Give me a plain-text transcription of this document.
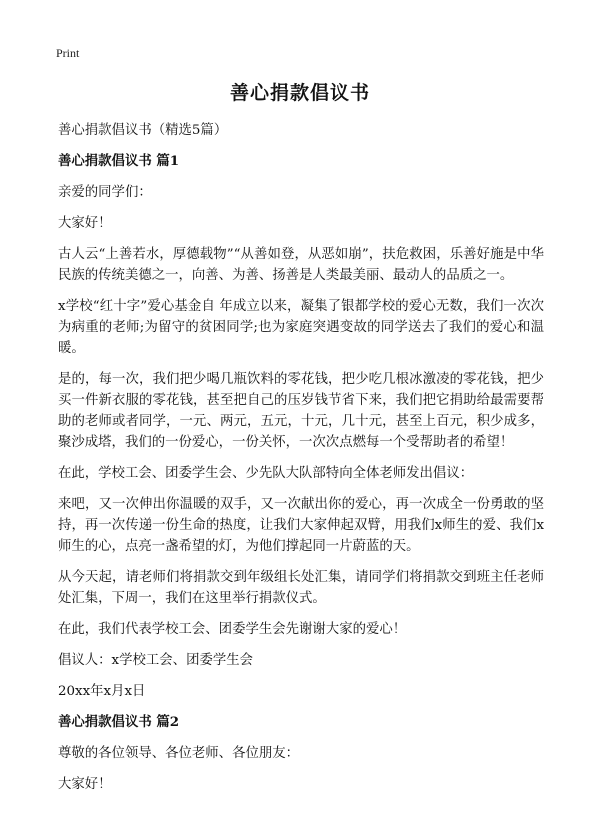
Print
善心捐款倡议书

善心捐款倡议书（精选5篇）

善心捐款倡议书 篇1

亲爱的同学们：

大家好！

古人云“上善若水，厚德载物”“从善如登，从恶如崩”，扶危救困，乐善好施是中华民族的传统美德之一，向善、为善、扬善是人类最美丽、最动人的品质之一。

x学校“红十字”爱心基金自 年成立以来，凝集了银都学校的爱心无数，我们一次次为病重的老师;为留守的贫困同学;也为家庭突遇变故的同学送去了我们的爱心和温暖。

是的，每一次，我们把少喝几瓶饮料的零花钱，把少吃几根冰激凌的零花钱，把少买一件新衣服的零花钱，甚至把自己的压岁钱节省下来，我们把它捐助给最需要帮助的老师或者同学，一元、两元，五元，十元，几十元，甚至上百元，积少成多，聚沙成塔，我们的一份爱心，一份关怀，一次次点燃每一个受帮助者的希望！

在此，学校工会、团委学生会、少先队大队部特向全体老师发出倡议：

来吧，又一次伸出你温暖的双手，又一次献出你的爱心，再一次成全一份勇敢的坚持，再一次传递一份生命的热度，让我们大家伸起双臂，用我们x师生的爱、我们x师生的心，点亮一盏希望的灯，为他们撑起同一片蔚蓝的天。

从今天起，请老师们将捐款交到年级组长处汇集，请同学们将捐款交到班主任老师处汇集，下周一，我们在这里举行捐款仪式。

在此，我们代表学校工会、团委学生会先谢谢大家的爱心！

倡议人：x学校工会、团委学生会

20xx年x月x日

善心捐款倡议书 篇2

尊敬的各位领导、各位老师、各位朋友：

大家好！
